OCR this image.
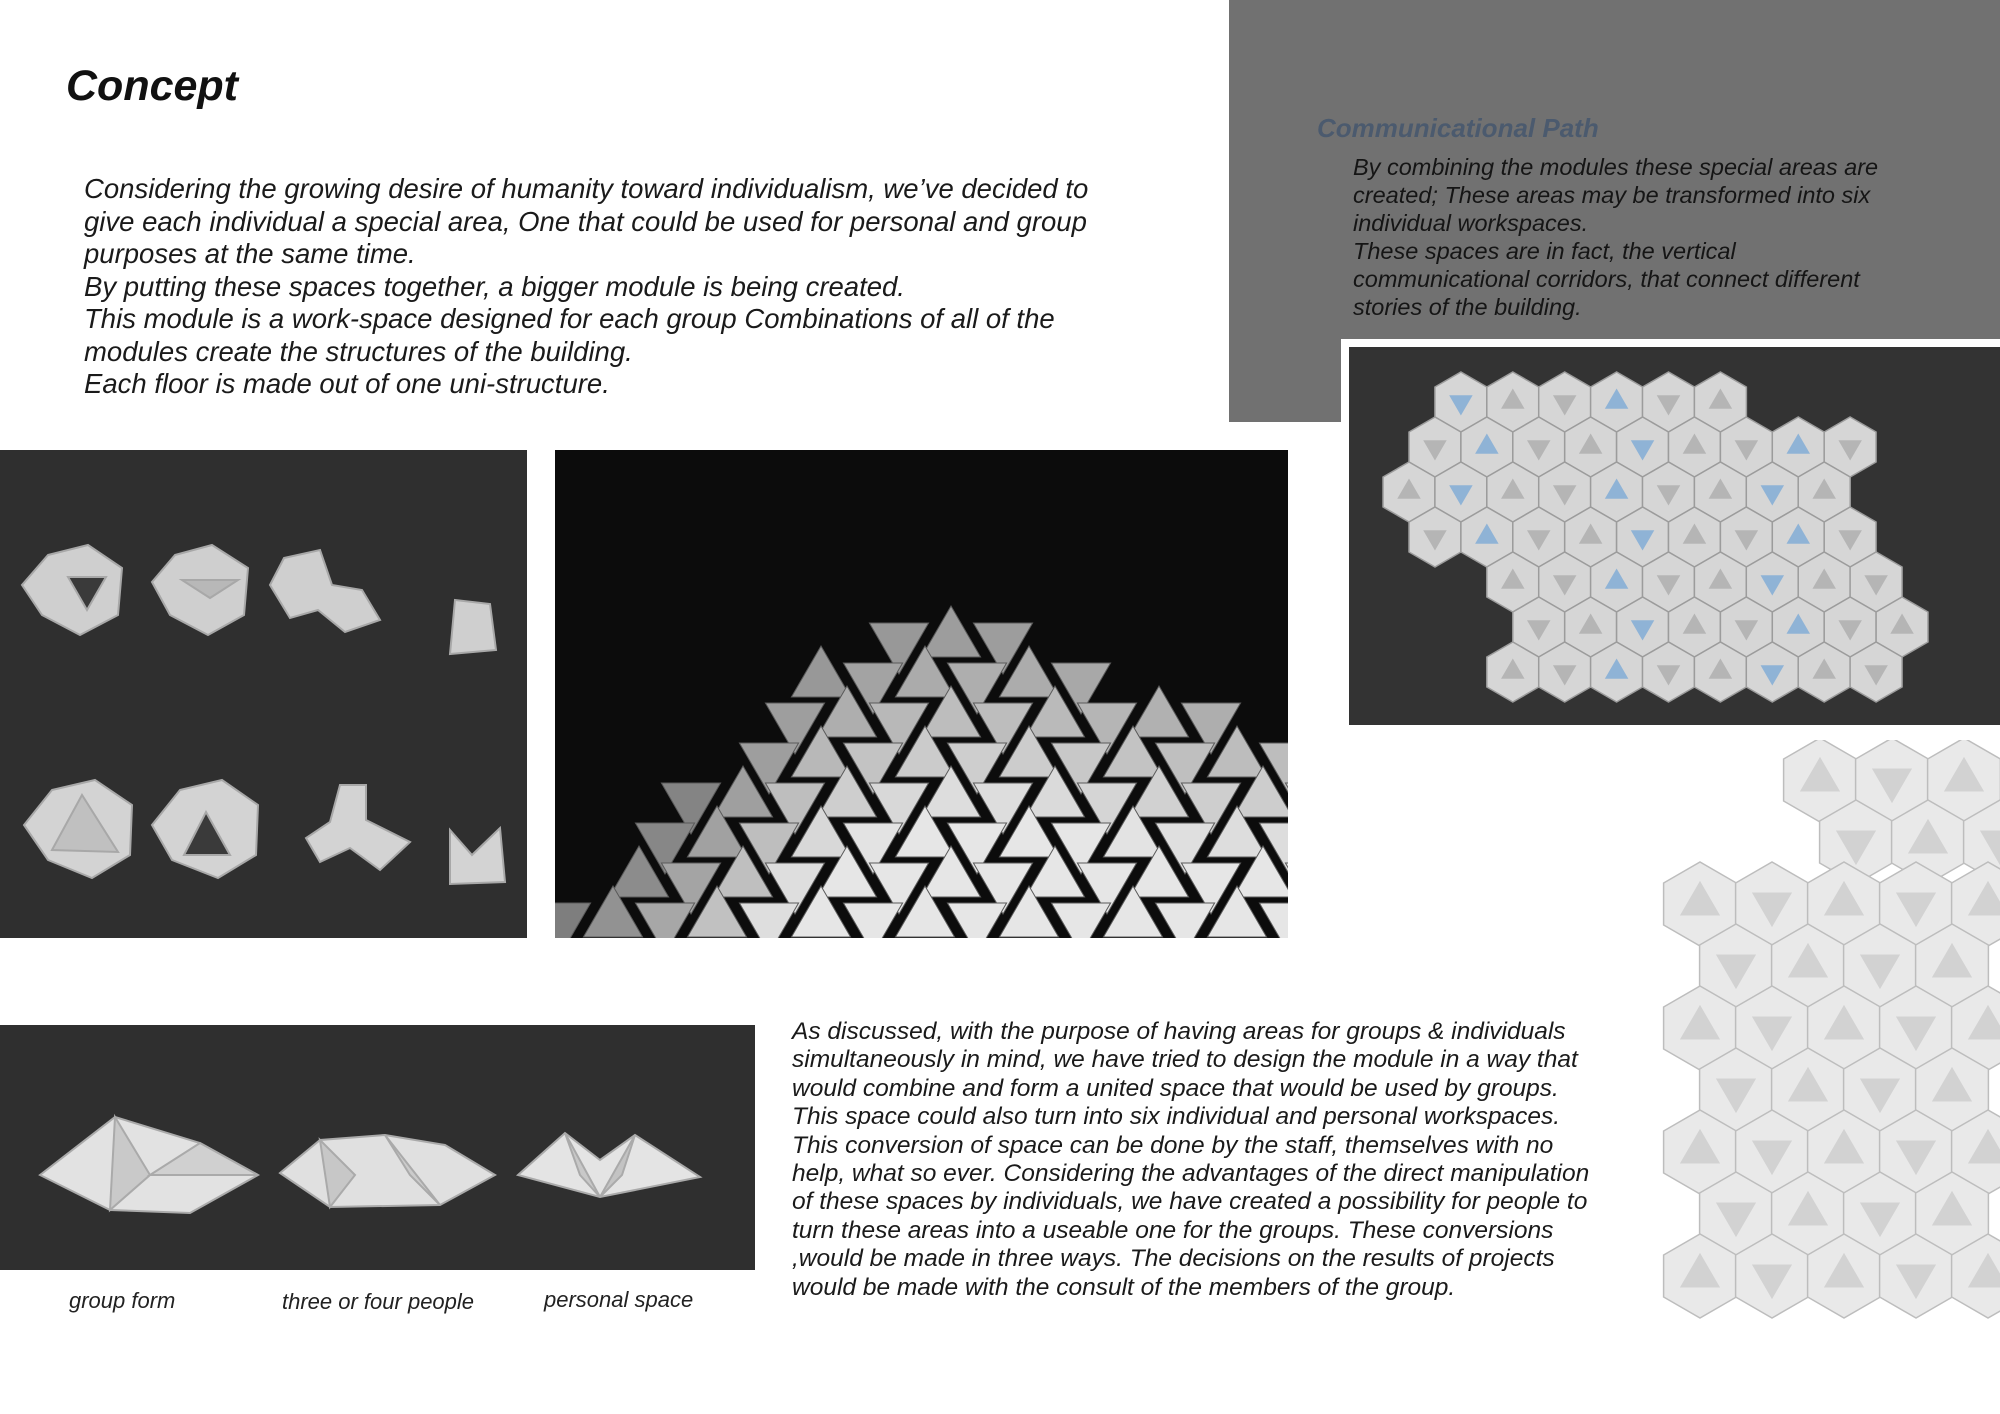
Concept

Considering the growing desire of humanity toward individualism, we’ve decided to
give each individual a special area, One that could be used for personal and group
purposes at the same time.
By putting these spaces together, a bigger module is being created.
This module is a work-space designed for each group Combinations of all of the
modules create the structures of the building.
Each floor is made out of one uni-structure.

Communicational Path

By combining the modules these special areas are
created; These areas may be transformed into six
individual workspaces.
These spaces are in fact, the vertical
communicational corridors, that connect different
stories of the building.

group form	three or four people	personal space

As discussed, with the purpose of having areas for groups & individuals
simultaneously in mind, we have tried to design the module in a way that
would combine and form a united space that would be used by groups.
This space could also turn into six individual and personal workspaces.
This conversion of space can be done by the staff, themselves with no
help, what so ever. Considering the advantages of the direct manipulation
of these spaces by individuals, we have created a possibility for people to
turn these areas into a useable one for the groups. These conversions
,would be made in three ways. The decisions on the results of projects
would be made with the consult of the members of the group.
